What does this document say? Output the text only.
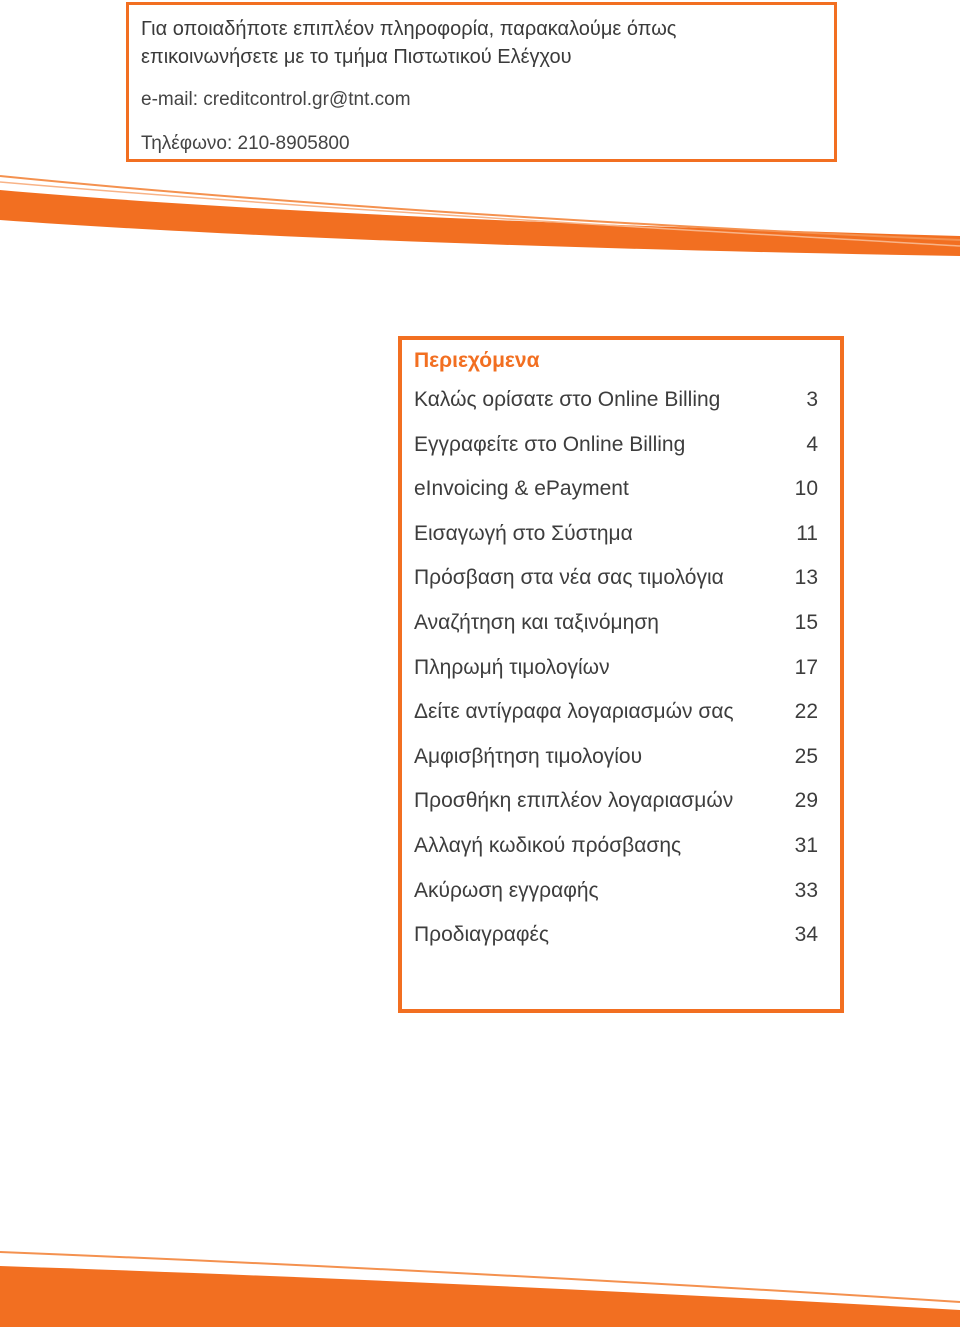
Για οποιαδήποτε επιπλέον πληροφορία, παρακαλούμε όπως

επικοινωνήσετε με το τμήμα Πιστωτικού Ελέγχου

e-mail: creditcontrol.gr@tnt.com

Τηλέφωνο: 210-8905800

Περιεχόμενα
Καλώς ορίσατε στο Online Billing	3
Εγγραφείτε στο Online Billing	4
eInvoicing & ePayment	10
Εισαγωγή στο Σύστημα	11
Πρόσβαση στα νέα σας τιμολόγια	13
Αναζήτηση και ταξινόμηση	15
Πληρωμή τιμολογίων	17
Δείτε αντίγραφα λογαριασμών σας	22
Αμφισβήτηση τιμολογίου	25
Προσθήκη επιπλέον λογαριασμών	29
Αλλαγή κωδικού πρόσβασης	31
Ακύρωση εγγραφής	33
Προδιαγραφές	34
